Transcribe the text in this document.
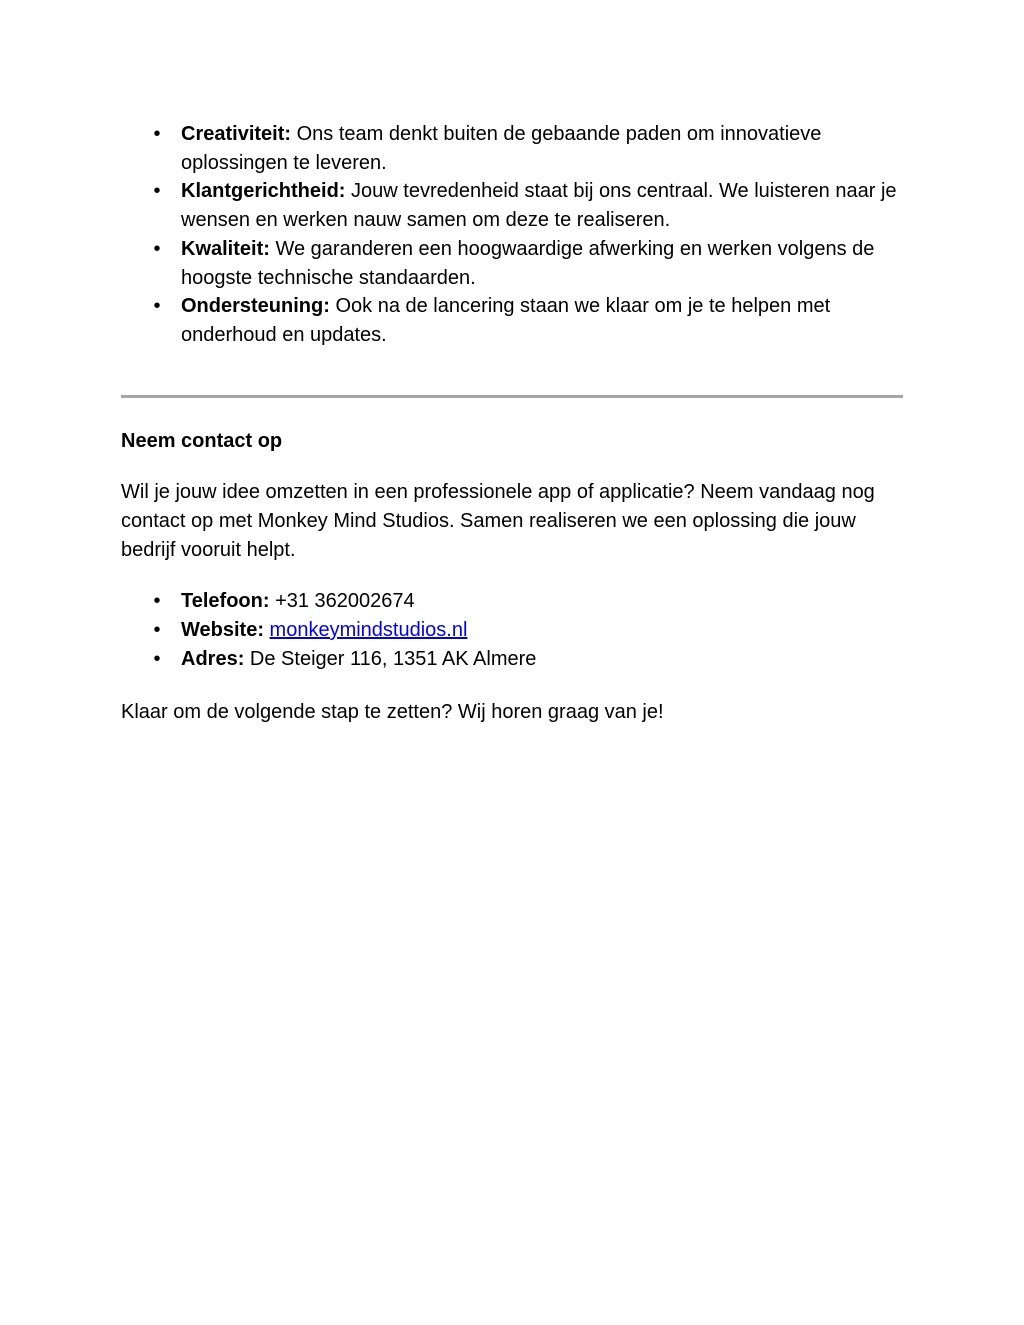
• Creativiteit: Ons team denkt buiten de gebaande paden om innovatieve oplossingen te leveren.
• Klantgerichtheid: Jouw tevredenheid staat bij ons centraal. We luisteren naar je wensen en werken nauw samen om deze te realiseren.
• Kwaliteit: We garanderen een hoogwaardige afwerking en werken volgens de hoogste technische standaarden.
• Ondersteuning: Ook na de lancering staan we klaar om je te helpen met onderhoud en updates.
Neem contact op
Wil je jouw idee omzetten in een professionele app of applicatie? Neem vandaag nog contact op met Monkey Mind Studios. Samen realiseren we een oplossing die jouw bedrijf vooruit helpt.
• Telefoon: +31 362002674
• Website: monkeymindstudios.nl
• Adres: De Steiger 116, 1351 AK Almere
Klaar om de volgende stap te zetten? Wij horen graag van je!
